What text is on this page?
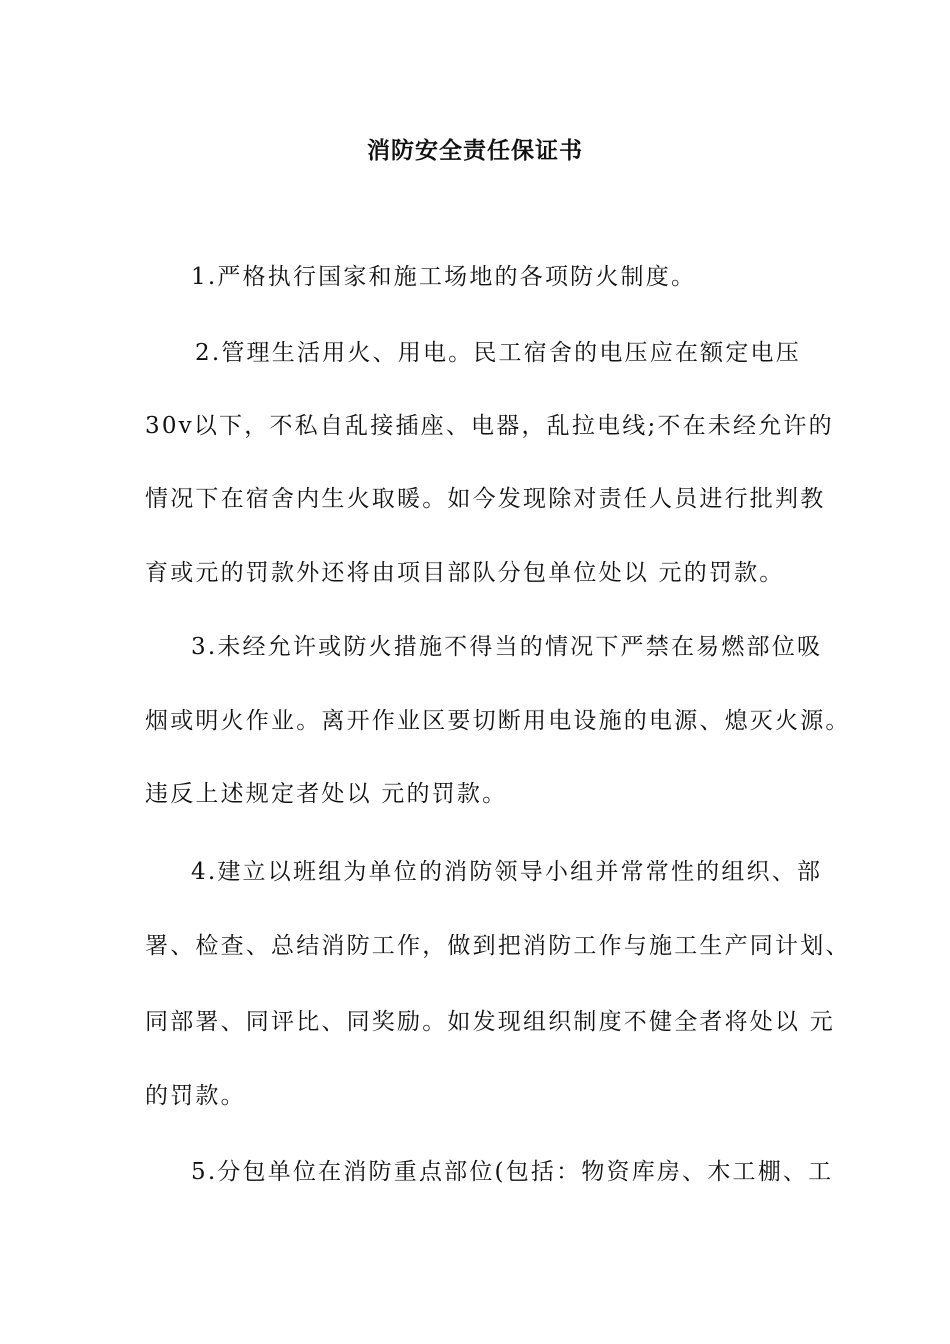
消防安全责任保证书
1.严格执行国家和施工场地的各项防火制度。
2.管理生活用火、用电。民工宿舍的电压应在额定电压
30v以下，不私自乱接插座、电器，乱拉电线;不在未经允许的
情况下在宿舍内生火取暖。如今发现除对责任人员进行批判教
育或元的罚款外还将由项目部队分包单位处以 元的罚款。
3.未经允许或防火措施不得当的情况下严禁在易燃部位吸
烟或明火作业。离开作业区要切断用电设施的电源、熄灭火源。
违反上述规定者处以 元的罚款。
4.建立以班组为单位的消防领导小组并常常性的组织、部
署、检查、总结消防工作，做到把消防工作与施工生产同计划、
同部署、同评比、同奖励。如发现组织制度不健全者将处以 元
的罚款。
5.分包单位在消防重点部位(包括：物资库房、木工棚、工
